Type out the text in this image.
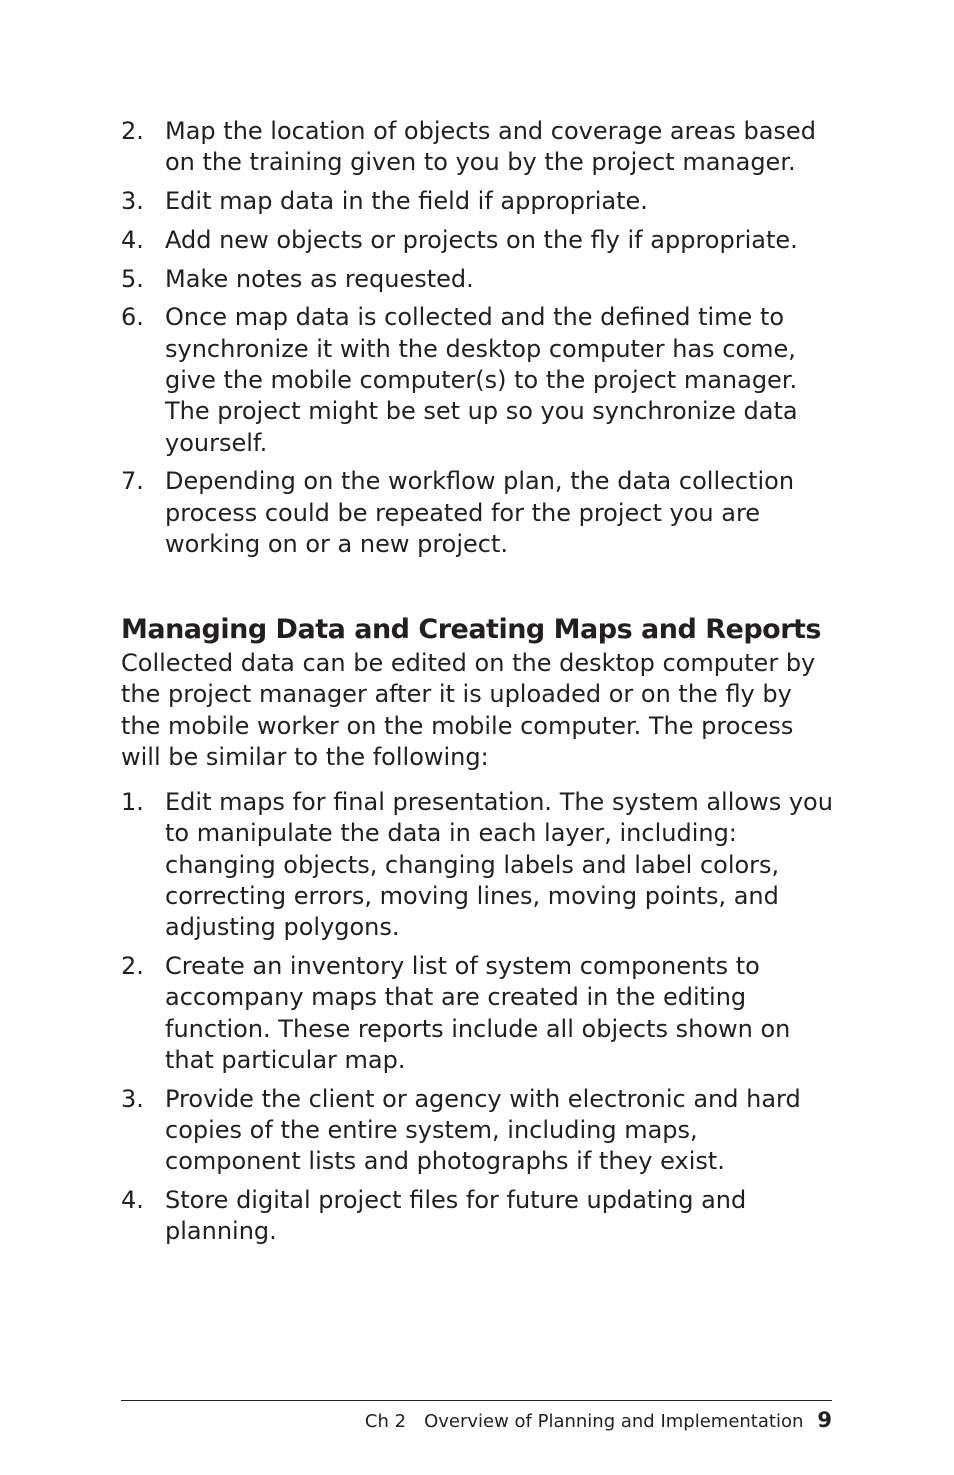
2. Map the location of objects and coverage areas based on the training given to you by the project manager.
3. Edit map data in the field if appropriate.
4. Add new objects or projects on the fly if appropriate.
5. Make notes as requested.
6. Once map data is collected and the defined time to synchronize it with the desktop computer has come, give the mobile computer(s) to the project manager. The project might be set up so you synchronize data yourself.
7. Depending on the workflow plan, the data collection process could be repeated for the project you are working on or a new project.
Managing Data and Creating Maps and Reports

Collected data can be edited on the desktop computer by the project manager after it is uploaded or on the fly by the mobile worker on the mobile computer. The process will be similar to the following:

1. Edit maps for final presentation. The system allows you to manipulate the data in each layer, including: changing objects, changing labels and label colors, correcting errors, moving lines, moving points, and adjusting polygons.
2. Create an inventory list of system components to accompany maps that are created in the editing function. These reports include all objects shown on that particular map.
3. Provide the client or agency with electronic and hard copies of the entire system, including maps, component lists and photographs if they exist.
4. Store digital project files for future updating and planning.
Ch 2 Overview of Planning and Implementation 9
